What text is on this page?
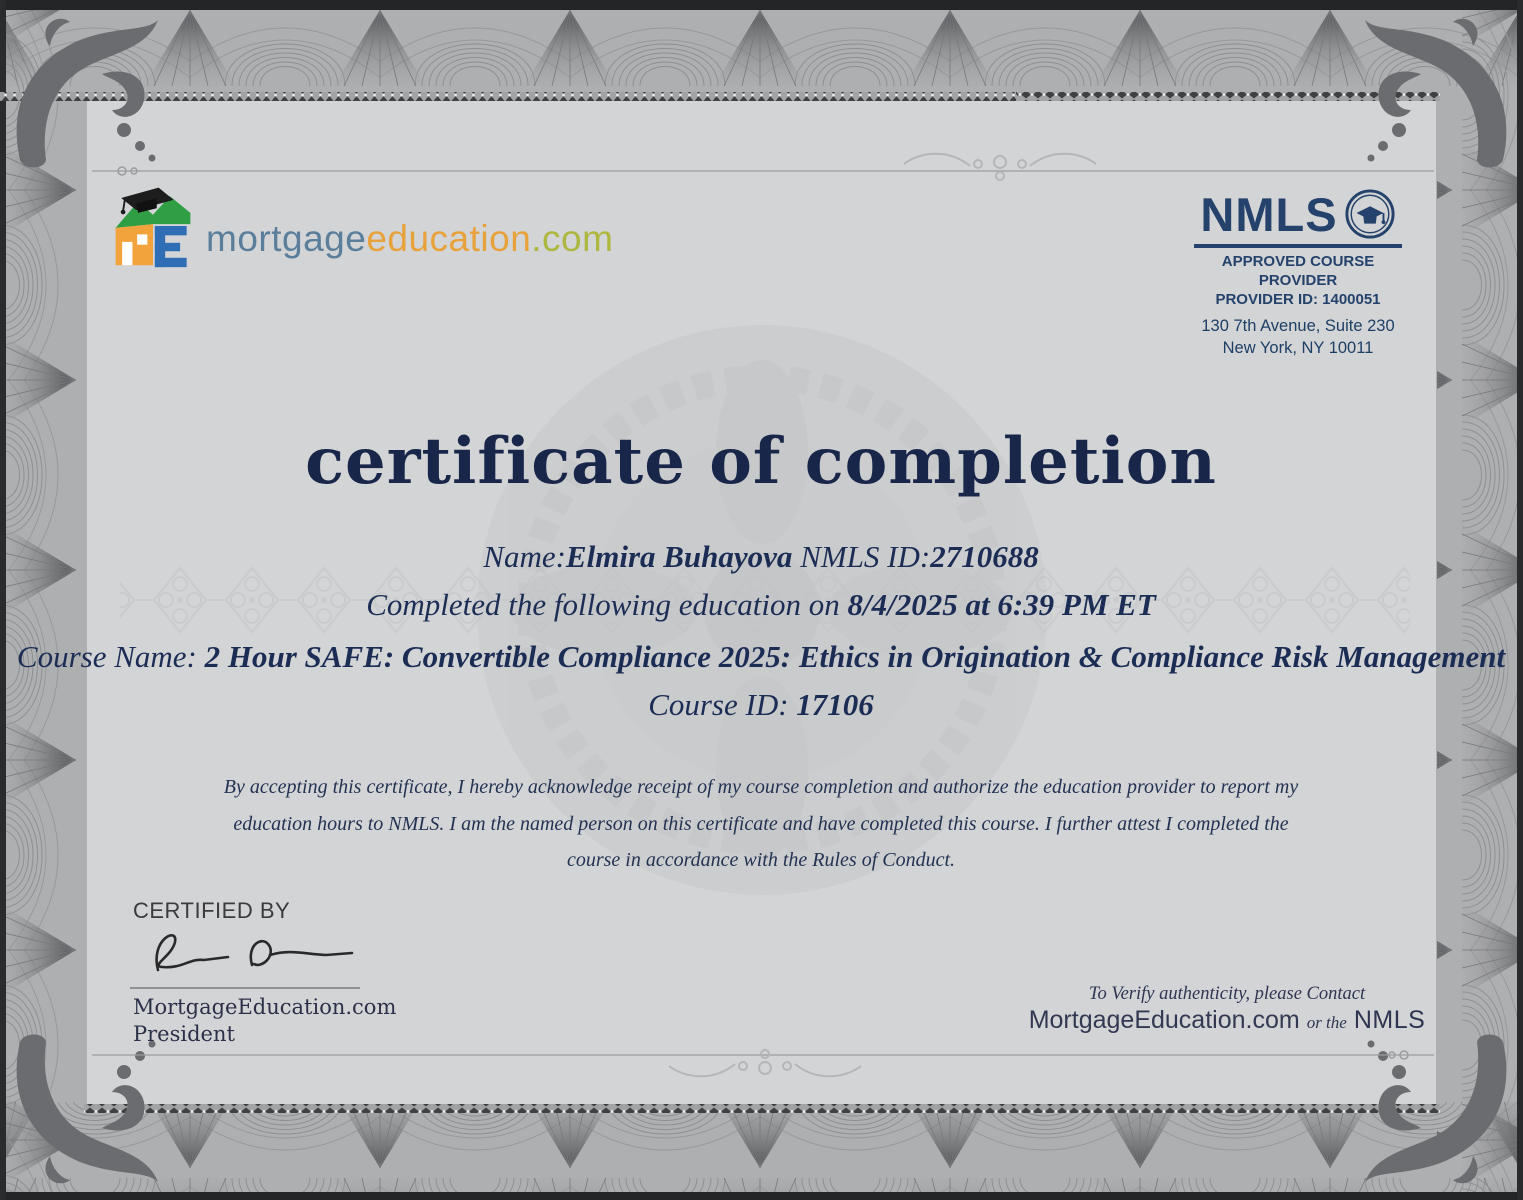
mortgageeducation.com	NMLS
APPROVED COURSE PROVIDER
PROVIDER ID: 1400051
130 7th Avenue, Suite 230
New York, NY 10011
certificate of completion
Name:Elmira Buhayova NMLS ID:2710688
Completed the following education on 8/4/2025 at 6:39 PM ET
Course Name: 2 Hour SAFE: Convertible Compliance 2025: Ethics in Origination & Compliance Risk Management
Course ID: 17106
By accepting this certificate, I hereby acknowledge receipt of my course completion and authorize the education provider to report my
education hours to NMLS. I am the named person on this certificate and have completed this course. I further attest I completed the
course in accordance with the Rules of Conduct.
CERTIFIED BY
MortgageEducation.com
President
To Verify authenticity, please Contact
MortgageEducation.com or the NMLS
